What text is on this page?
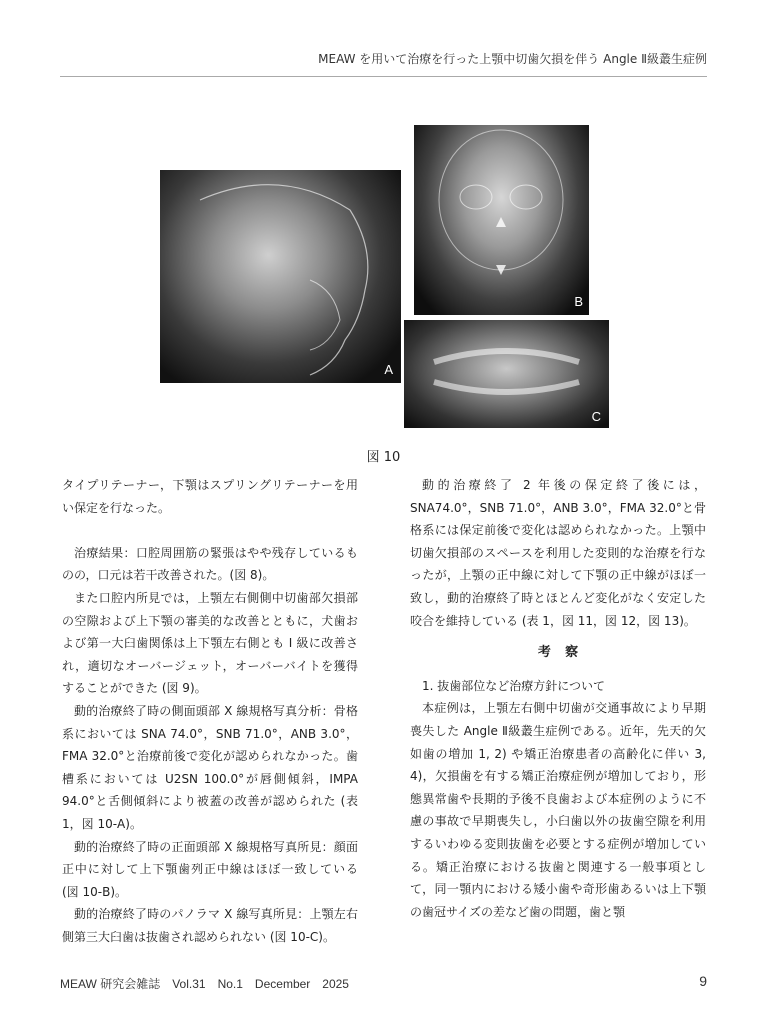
MEAW を用いて治療を行った上顎中切歯欠損を伴う Angle Ⅱ級叢生症例
A
B
C
図 10

タイプリテーナー，下顎はスプリングリテーナーを用い保定を行なった。

治療結果：口腔周囲筋の緊張はやや残存しているものの，口元は若干改善された。(図 8)。

また口腔内所見では，上顎左右側側中切歯部欠損部の空隙および上下顎の審美的な改善とともに，犬歯および第一大臼歯関係は上下顎左右側とも I 級に改善され，適切なオーバージェット，オーバーバイトを獲得することができた (図 9)。

動的治療終了時の側面頭部 X 線規格写真分析：骨格系においては SNA 74.0°，SNB 71.0°，ANB 3.0°，FMA 32.0°と治療前後で変化が認められなかった。歯槽系においては U2SN 100.0°が唇側傾斜，IMPA 94.0°と舌側傾斜により被蓋の改善が認められた (表 1，図 10-A)。

動的治療終了時の正面頭部 X 線規格写真所見：顔面正中に対して上下顎歯列正中線はほぼ一致している (図 10-B)。

動的治療終了時のパノラマ X 線写真所見：上顎左右側第三大臼歯は抜歯され認められない (図 10-C)。

動的治療終了 2 年後の保定終了後には，SNA74.0°，SNB 71.0°，ANB 3.0°，FMA 32.0°と骨格系には保定前後で変化は認められなかった。上顎中切歯欠損部のスペースを利用した変則的な治療を行なったが，上顎の正中線に対して下顎の正中線がほぼ一致し，動的治療終了時とほとんど変化がなく安定した咬合を維持している (表 1，図 11，図 12，図 13)。

考察

1. 抜歯部位など治療方針について

本症例は，上顎左右側中切歯が交通事故により早期喪失した Angle Ⅱ級叢生症例である。近年，先天的欠如歯の増加 1, 2) や矯正治療患者の高齢化に伴い 3, 4)，欠損歯を有する矯正治療症例が増加しており，形態異常歯や長期的予後不良歯および本症例のように不慮の事故で早期喪失し，小臼歯以外の抜歯空隙を利用するいわゆる変則抜歯を必要とする症例が増加している。矯正治療における抜歯と関連する一般事項として，同一顎内における矮小歯や奇形歯あるいは上下顎の歯冠サイズの差など歯の問題，歯と顎

MEAW 研究会雑誌　Vol.31　No.1　December　2025	9
